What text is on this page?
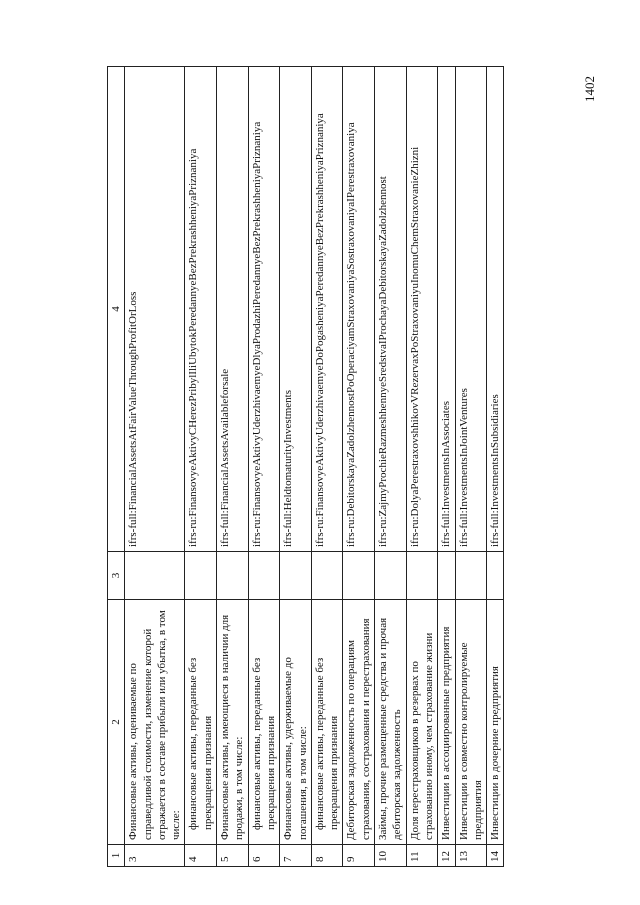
1402
1	2	3	4
3	Финансовые активы, оцениваемые по справедливой стоимости, изменение которой отражается в составе прибыли или убытка, в том числе:		ifrs-full:FinancialAssetsAtFairValueThroughProfitOrLoss
4	финансовые активы, переданные без прекращения признания		ifrs-ru:FinansovyeAktivyCHerezPribylIliUbytokPeredannyeBezPrekrashheniyaPriznaniya
5	Финансовые активы, имеющиеся в наличии для продажи, в том числе:		ifrs-full:FinancialAssetsAvailableforsale
6	финансовые активы, переданные без прекращения признания		ifrs-ru:FinansovyeAktivyUderzhivaemyeDlyaProdazhiPeredannyeBezPrekrashheniyaPriznaniya
7	Финансовые активы, удерживаемые до погашения, в том числе:		ifrs-full:HeldtomaturityInvestments
8	финансовые активы, переданные без прекращения признания		ifrs-ru:FinansovyeAktivyUderzhivaemyeDoPogasheniyaPeredannyeBezPrekrashheniyaPriznaniya
9	Дебиторская задолженность по операциям страхования, сострахования и перестрахования		ifrs-ru:DebitorskayaZadolzhennostPoOperaciyamStraxovaniyaSostraxovaniyaIPerestraxovaniya
10	Займы, прочие размещенные средства и прочая дебиторская задолженность		ifrs-ru:ZajmyProchieRazmeshhennyeSredstvaIProchayaDebitorskayaZadolzhennost
11	Доля перестраховщиков в резервах по страхованию иному, чем страхование жизни		ifrs-ru:DolyaPerestraxovshhikovVRezervaxPoStraxovaniyuInomuChemStraxovanieZhizni
12	Инвестиции в ассоциированные предприятия		ifrs-full:InvestmentsInAssociates
13	Инвестиции в совместно контролируемые предприятия		ifrs-full:InvestmentsInJointVentures
14	Инвестиции в дочерние предприятия		ifrs-full:InvestmentsInSubsidiaries
